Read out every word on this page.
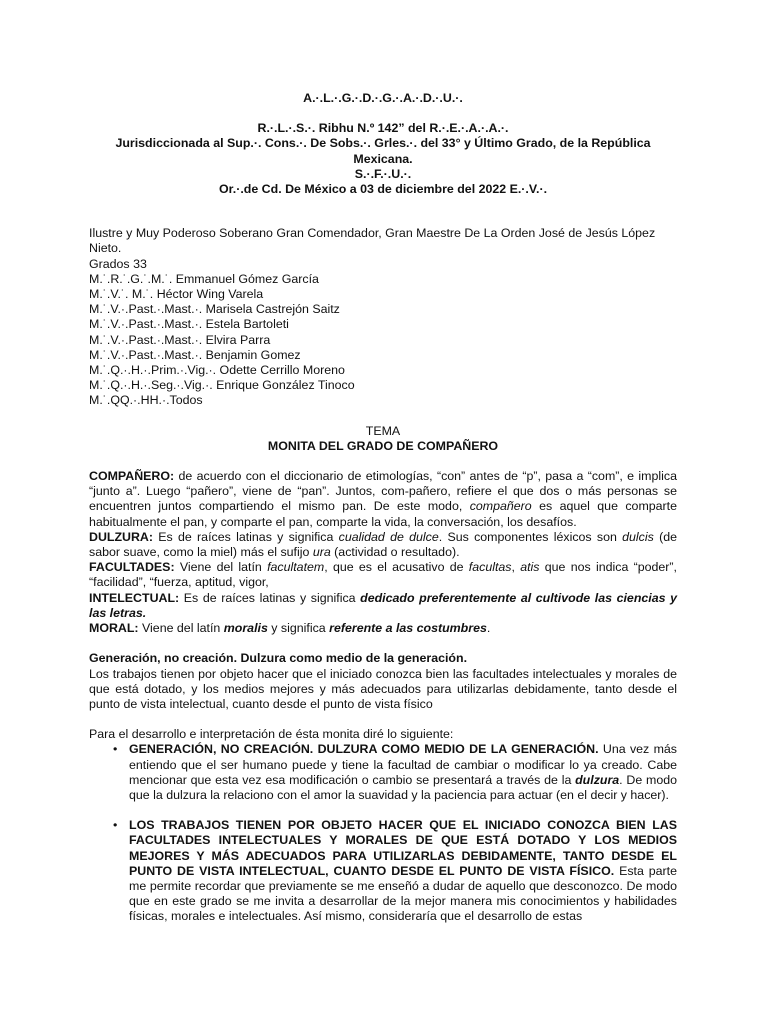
A.·.L.·.G.·.D.·.G.·.A.·.D.·.U.·.

R.·.L.·.S.·. Ribhu N.º 142” del R.·.E.·.A.·.A.·.

Jurisdiccionada al Sup.·. Cons.·. De Sobs.·. Grles.·. del 33° y Último Grado, de la República Mexicana.

S.·.F.·.U.·.

Or.·.de Cd. De México a 03 de diciembre del 2022 E.·.V.·.

Ilustre y Muy Poderoso Soberano Gran Comendador, Gran Maestre De La Orden José de Jesús López Nieto.

Grados 33

M.˙.R.˙.G.˙.M.˙. Emmanuel Gómez García

M.˙.V.˙. M.˙. Héctor Wing Varela

M.˙.V.·.Past.·.Mast.·. Marisela Castrejón Saitz

M.˙.V.·.Past.·.Mast.·. Estela Bartoleti

M.˙.V.·.Past.·.Mast.·. Elvira Parra

M.˙.V.·.Past.·.Mast.·. Benjamin Gomez

M.˙.Q.·.H.·.Prim.·.Vig.·. Odette Cerrillo Moreno

M.˙.Q.·.H.·.Seg.·.Vig.·. Enrique González Tinoco

M.˙.QQ.·.HH.·.Todos

TEMA

MONITA DEL GRADO DE COMPAÑERO

COMPAÑERO: de acuerdo con el diccionario de etimologías, “con” antes de “p”, pasa a “com”, e implica “junto a”. Luego “pañero”, viene de “pan”. Juntos, com-pañero, refiere el que dos o más personas se encuentren juntos compartiendo el mismo pan. De este modo, compañero es aquel que comparte habitualmente el pan, y comparte el pan, comparte la vida, la conversación, los desafíos.

DULZURA: Es de raíces latinas y significa cualidad de dulce. Sus componentes léxicos son dulcis (de sabor suave, como la miel) más el sufijo ura (actividad o resultado).

FACULTADES: Viene del latín facultatem, que es el acusativo de facultas, atis que nos indica “poder”, “facilidad”, “fuerza, aptitud, vigor,

INTELECTUAL: Es de raíces latinas y significa dedicado preferentemente al cultivode las ciencias y las letras.

MORAL: Viene del latín moralis y significa referente a las costumbres.

Generación, no creación. Dulzura como medio de la generación.

Los trabajos tienen por objeto hacer que el iniciado conozca bien las facultades intelectuales y morales de que está dotado, y los medios mejores y más adecuados para utilizarlas debidamente, tanto desde el punto de vista intelectual, cuanto desde el punto de vista físico

Para el desarrollo e interpretación de ésta monita diré lo siguiente:

• GENERACIÓN, NO CREACIÓN. DULZURA COMO MEDIO DE LA GENERACIÓN. Una vez más entiendo que el ser humano puede y tiene la facultad de cambiar o modificar lo ya creado. Cabe mencionar que esta vez esa modificación o cambio se presentará a través de la dulzura. De modo que la dulzura la relaciono con el amor la suavidad y la paciencia para actuar (en el decir y hacer).
• LOS TRABAJOS TIENEN POR OBJETO HACER QUE EL INICIADO CONOZCA BIEN LAS FACULTADES INTELECTUALES Y MORALES DE QUE ESTÁ DOTADO Y LOS MEDIOS MEJORES Y MÁS ADECUADOS PARA UTILIZARLAS DEBIDAMENTE, TANTO DESDE EL PUNTO DE VISTA INTELECTUAL, CUANTO DESDE EL PUNTO DE VISTA FÍSICO. Esta parte me permite recordar que previamente se me enseñó a dudar de aquello que desconozco. De modo que en este grado se me invita a desarrollar de la mejor manera mis conocimientos y habilidades físicas, morales e intelectuales. Así mismo, consideraría que el desarrollo de estas
